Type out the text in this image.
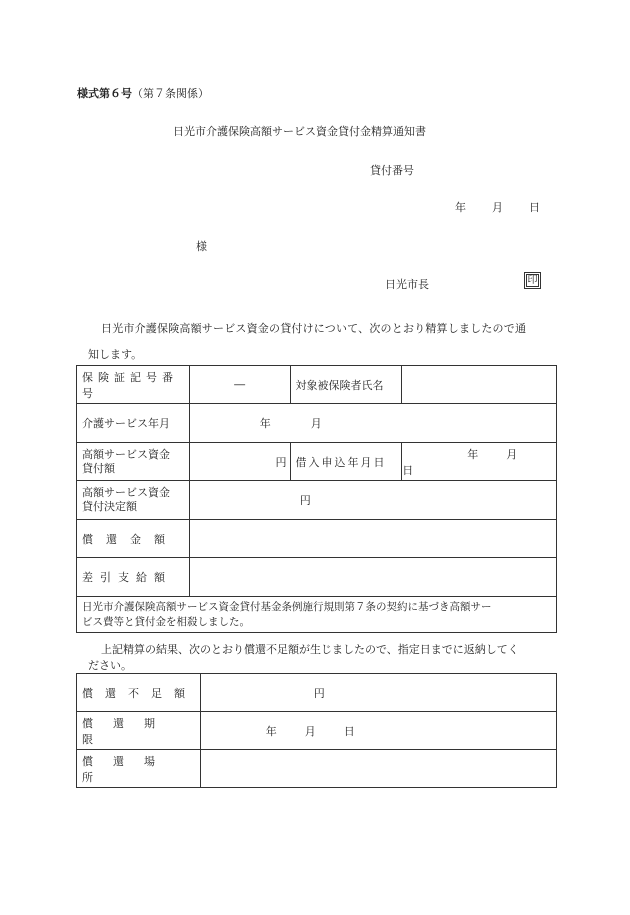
様式第６号（第７条関係）
日光市介護保険高額サービス資金貸付金精算通知書
貸付番号
年 月 日
様
日光市長	印
日光市介護保険高額サービス資金の貸付けについて、次のとおり精算しましたので通
知します。
保険証記号番号	―	対象被保険者氏名	
介護サービス年月	年 月		

高額サービス資金
貸付額	円	借入申込年月日	年 月日

高額サービス資金
貸付決定額	円		
償還金額			
差引支給額			

日光市介護保険高額サービス資金貸付基金条例施行規則第７条の契約に基づき高額サー
ビス費等と貸付金を相殺しました。			
上記精算の結果、次のとおり償還不足額が生じましたので、指定日までに返納してく
ださい。
償還不足額	円
償還期限	年 月 日
償還場所	
